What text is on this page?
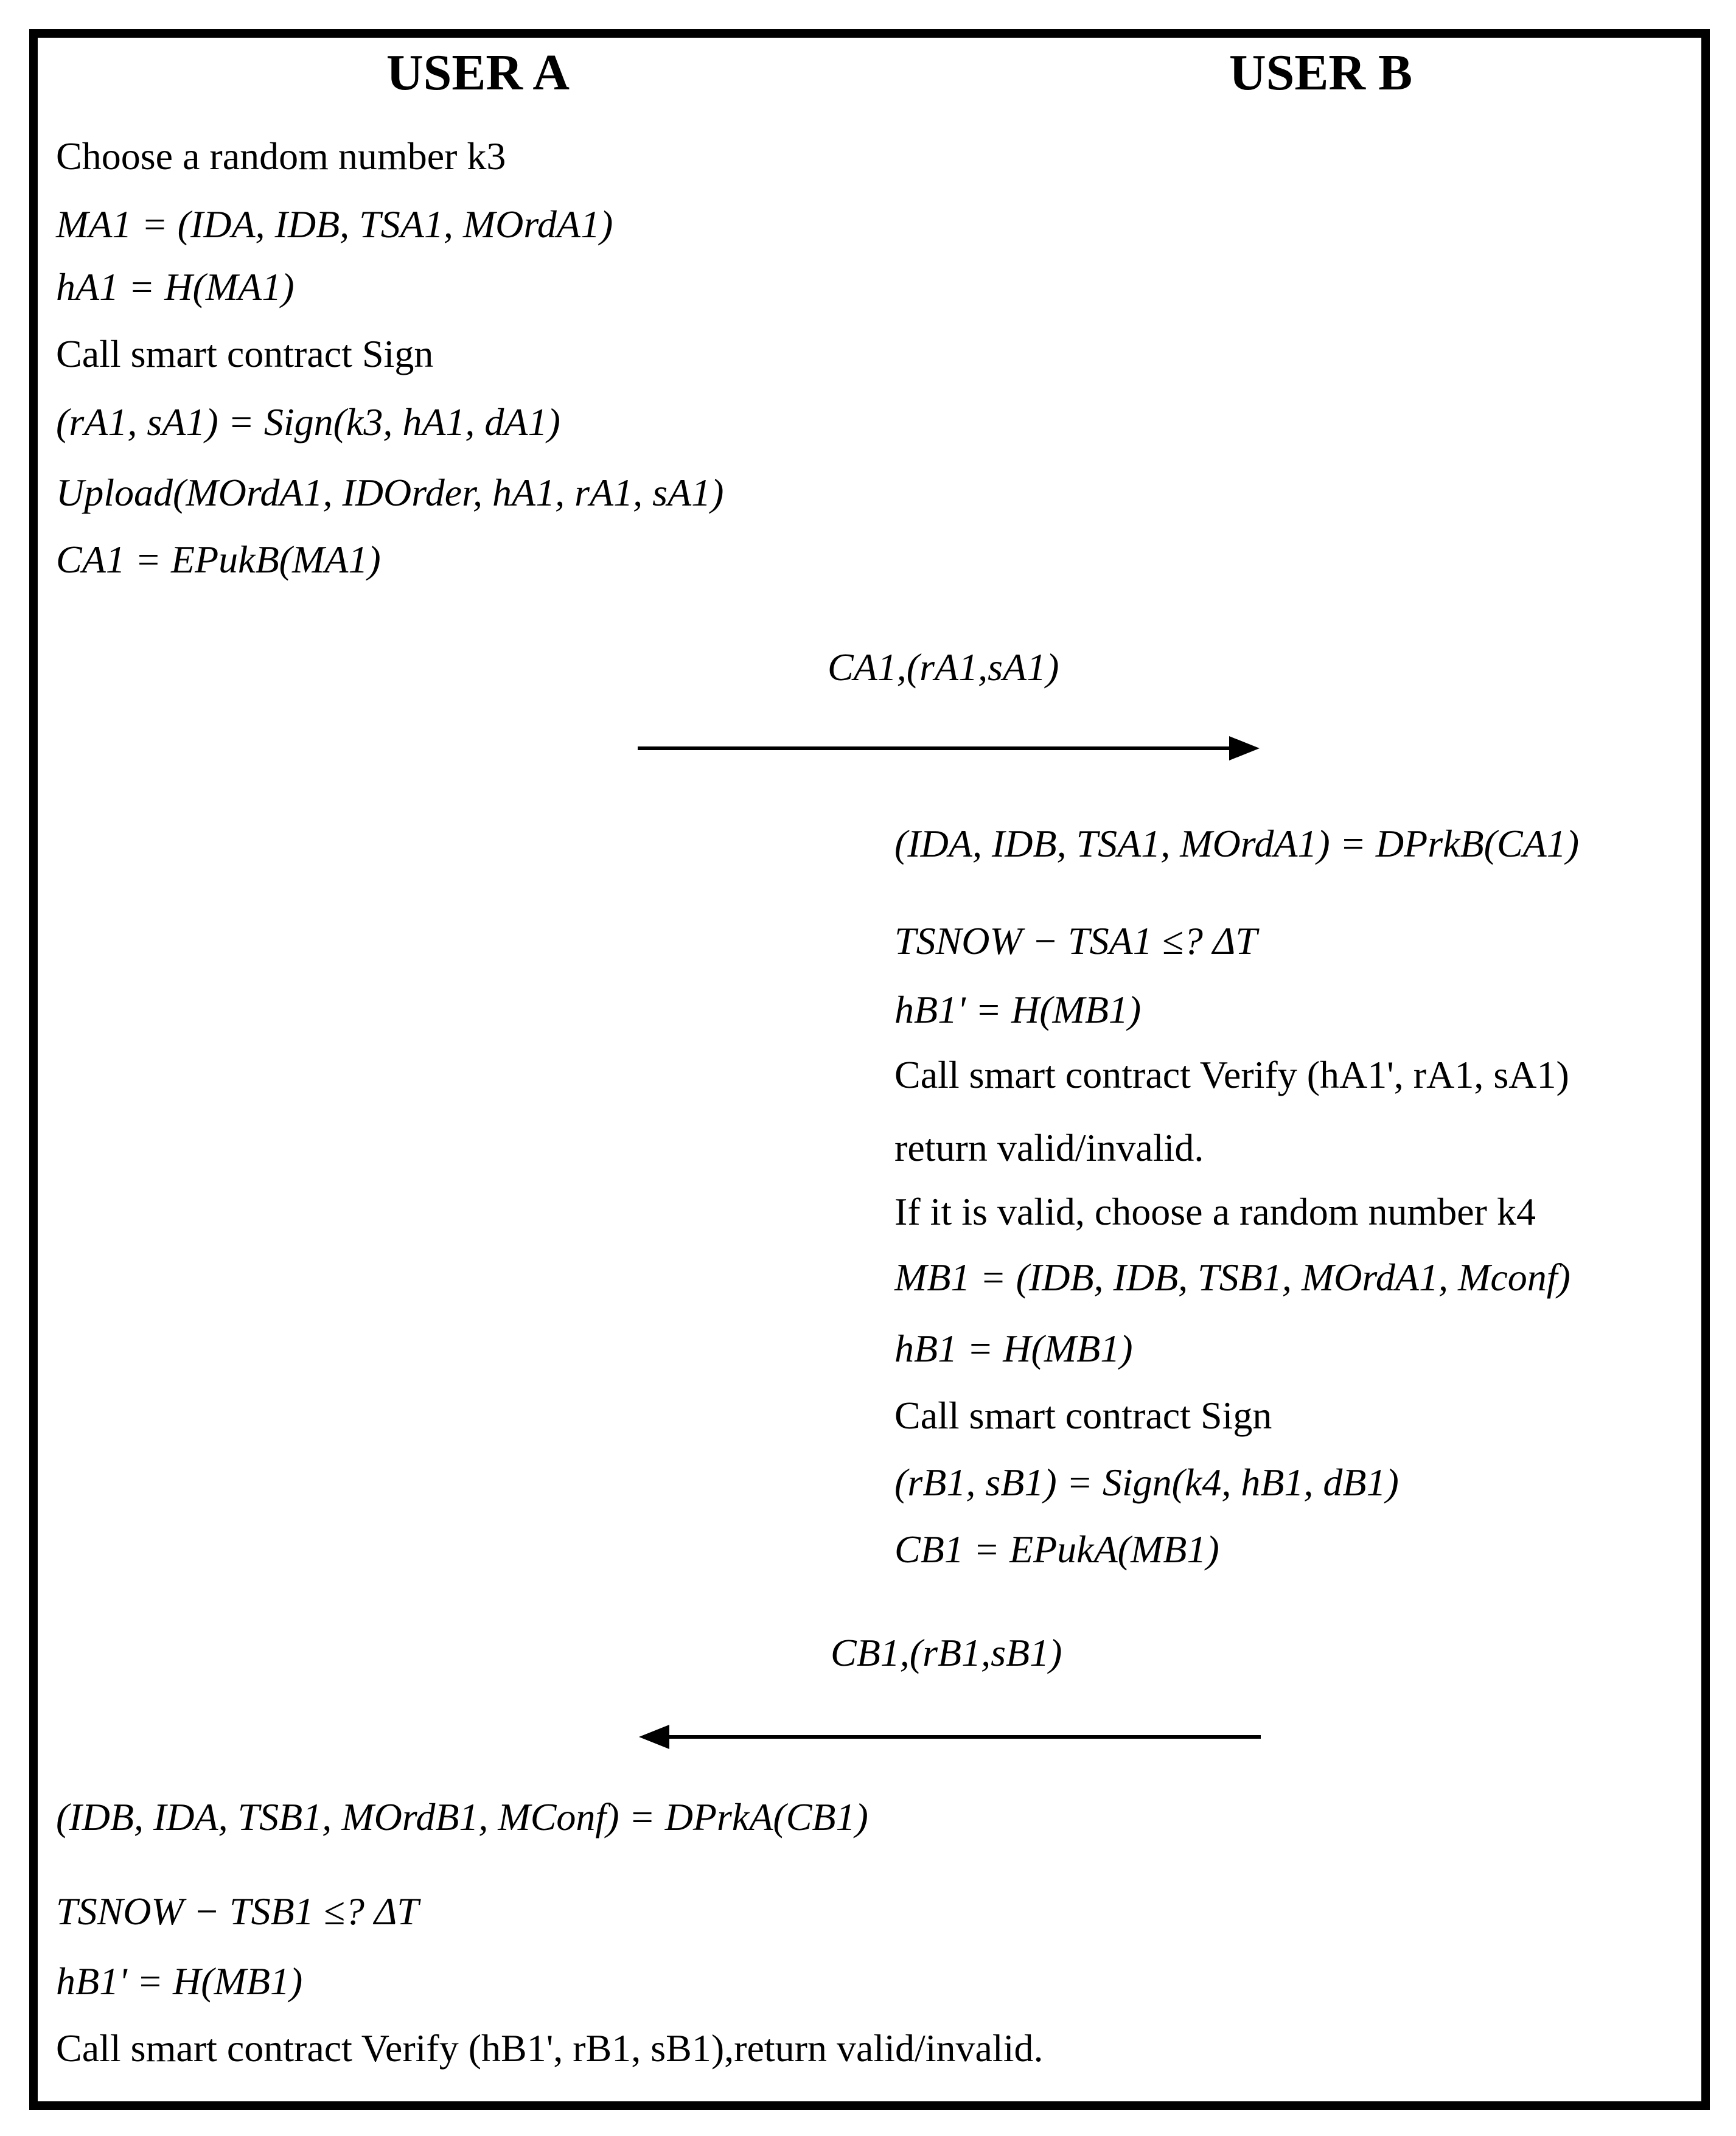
USER A	USER B
Choose a random number k3
MA1 = (IDA, IDB, TSA1, MOrdA1)
hA1 = H(MA1)
Call smart contract Sign
(rA1, sA1) = Sign(k3, hA1, dA1)
Upload(MOrdA1, IDOrder, hA1, rA1, sA1)
CA1 = EPukB(MA1)
CA1,(rA1,sA1)
(IDA, IDB, TSA1, MOrdA1) = DPrkB(CA1)
TSNOW − TSA1 ≤? ΔT
hB1' = H(MB1)
Call smart contract Verify (hA1', rA1, sA1)
return valid/invalid.
If it is valid, choose a random number k4
MB1 = (IDB, IDB, TSB1, MOrdA1, Mconf)
hB1 = H(MB1)
Call smart contract Sign
(rB1, sB1) = Sign(k4, hB1, dB1)
CB1 = EPukA(MB1)
CB1,(rB1,sB1)
(IDB, IDA, TSB1, MOrdB1, MConf) = DPrkA(CB1)
TSNOW − TSB1 ≤? ΔT
hB1' = H(MB1)
Call smart contract Verify (hB1', rB1, sB1),return valid/invalid.
